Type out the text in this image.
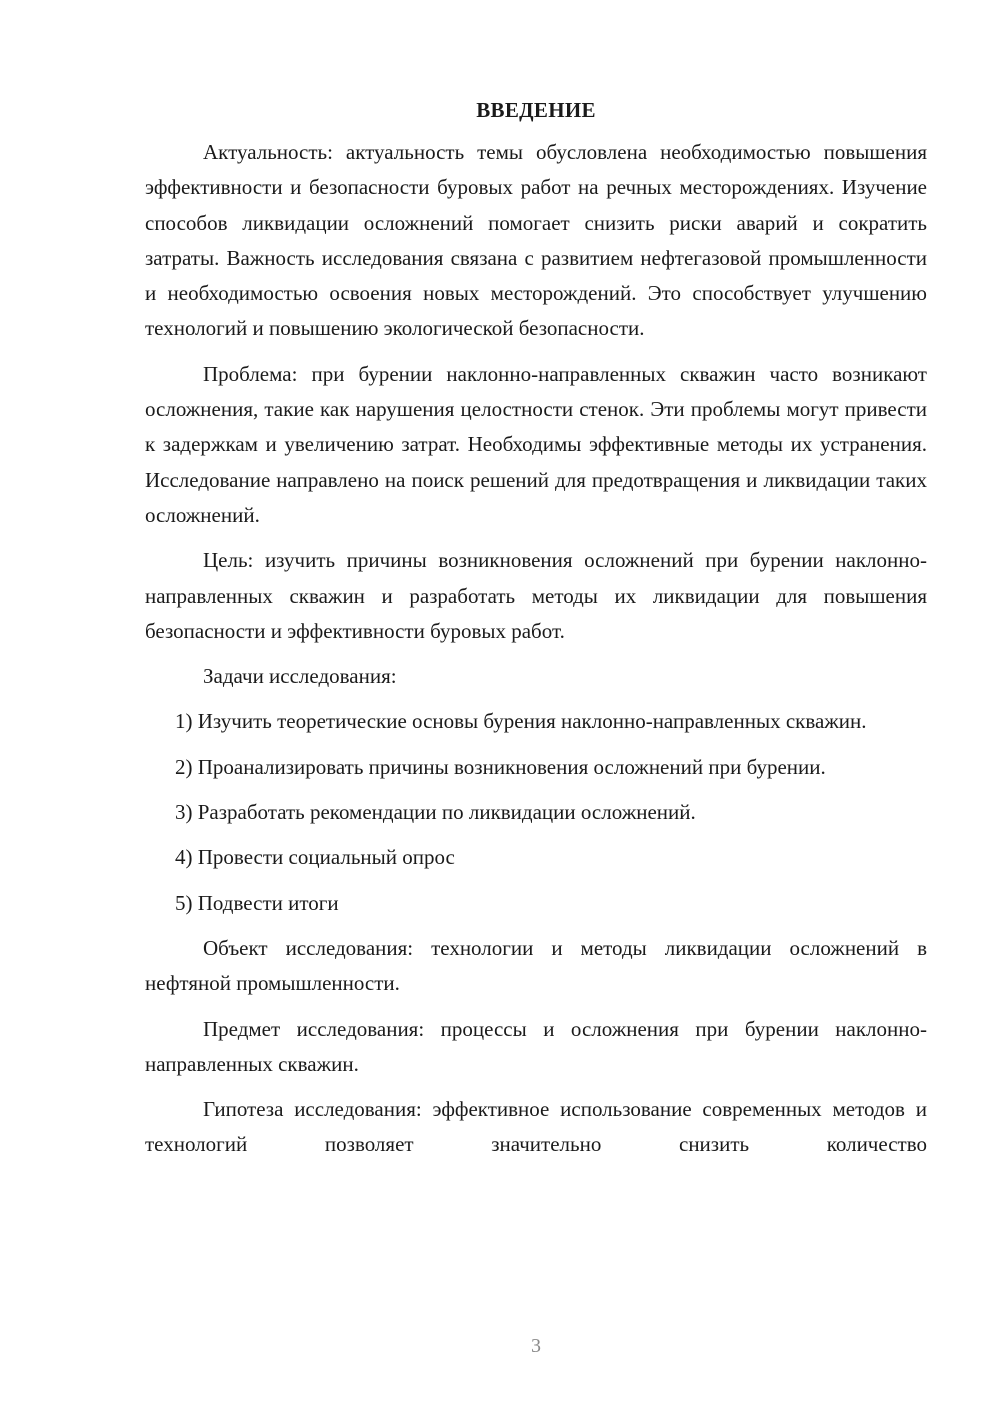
ВВЕДЕНИЕ

Актуальность: актуальность темы обусловлена необходимостью повышения эффективности и безопасности буровых работ на речных месторождениях. Изучение способов ликвидации осложнений помогает снизить риски аварий и сократить затраты. Важность исследования связана с развитием нефтегазовой промышленности и необходимостью освоения новых месторождений. Это способствует улучшению технологий и повышению экологической безопасности.

Проблема: при бурении наклонно-направленных скважин часто возникают осложнения, такие как нарушения целостности стенок. Эти проблемы могут привести к задержкам и увеличению затрат. Необходимы эффективные методы их устранения. Исследование направлено на поиск решений для предотвращения и ликвидации таких осложнений.

Цель: изучить причины возникновения осложнений при бурении наклонно-направленных скважин и разработать методы их ликвидации для повышения безопасности и эффективности буровых работ.

Задачи исследования:

1) Изучить теоретические основы бурения наклонно-направленных скважин.

2) Проанализировать причины возникновения осложнений при бурении.

3) Разработать рекомендации по ликвидации осложнений.

4) Провести социальный опрос

5) Подвести итоги

Объект исследования: технологии и методы ликвидации осложнений в нефтяной промышленности.

Предмет исследования: процессы и осложнения при бурении наклонно-направленных скважин.

Гипотеза исследования: эффективное использование современных методов и технологий позволяет значительно снизить количество

3
